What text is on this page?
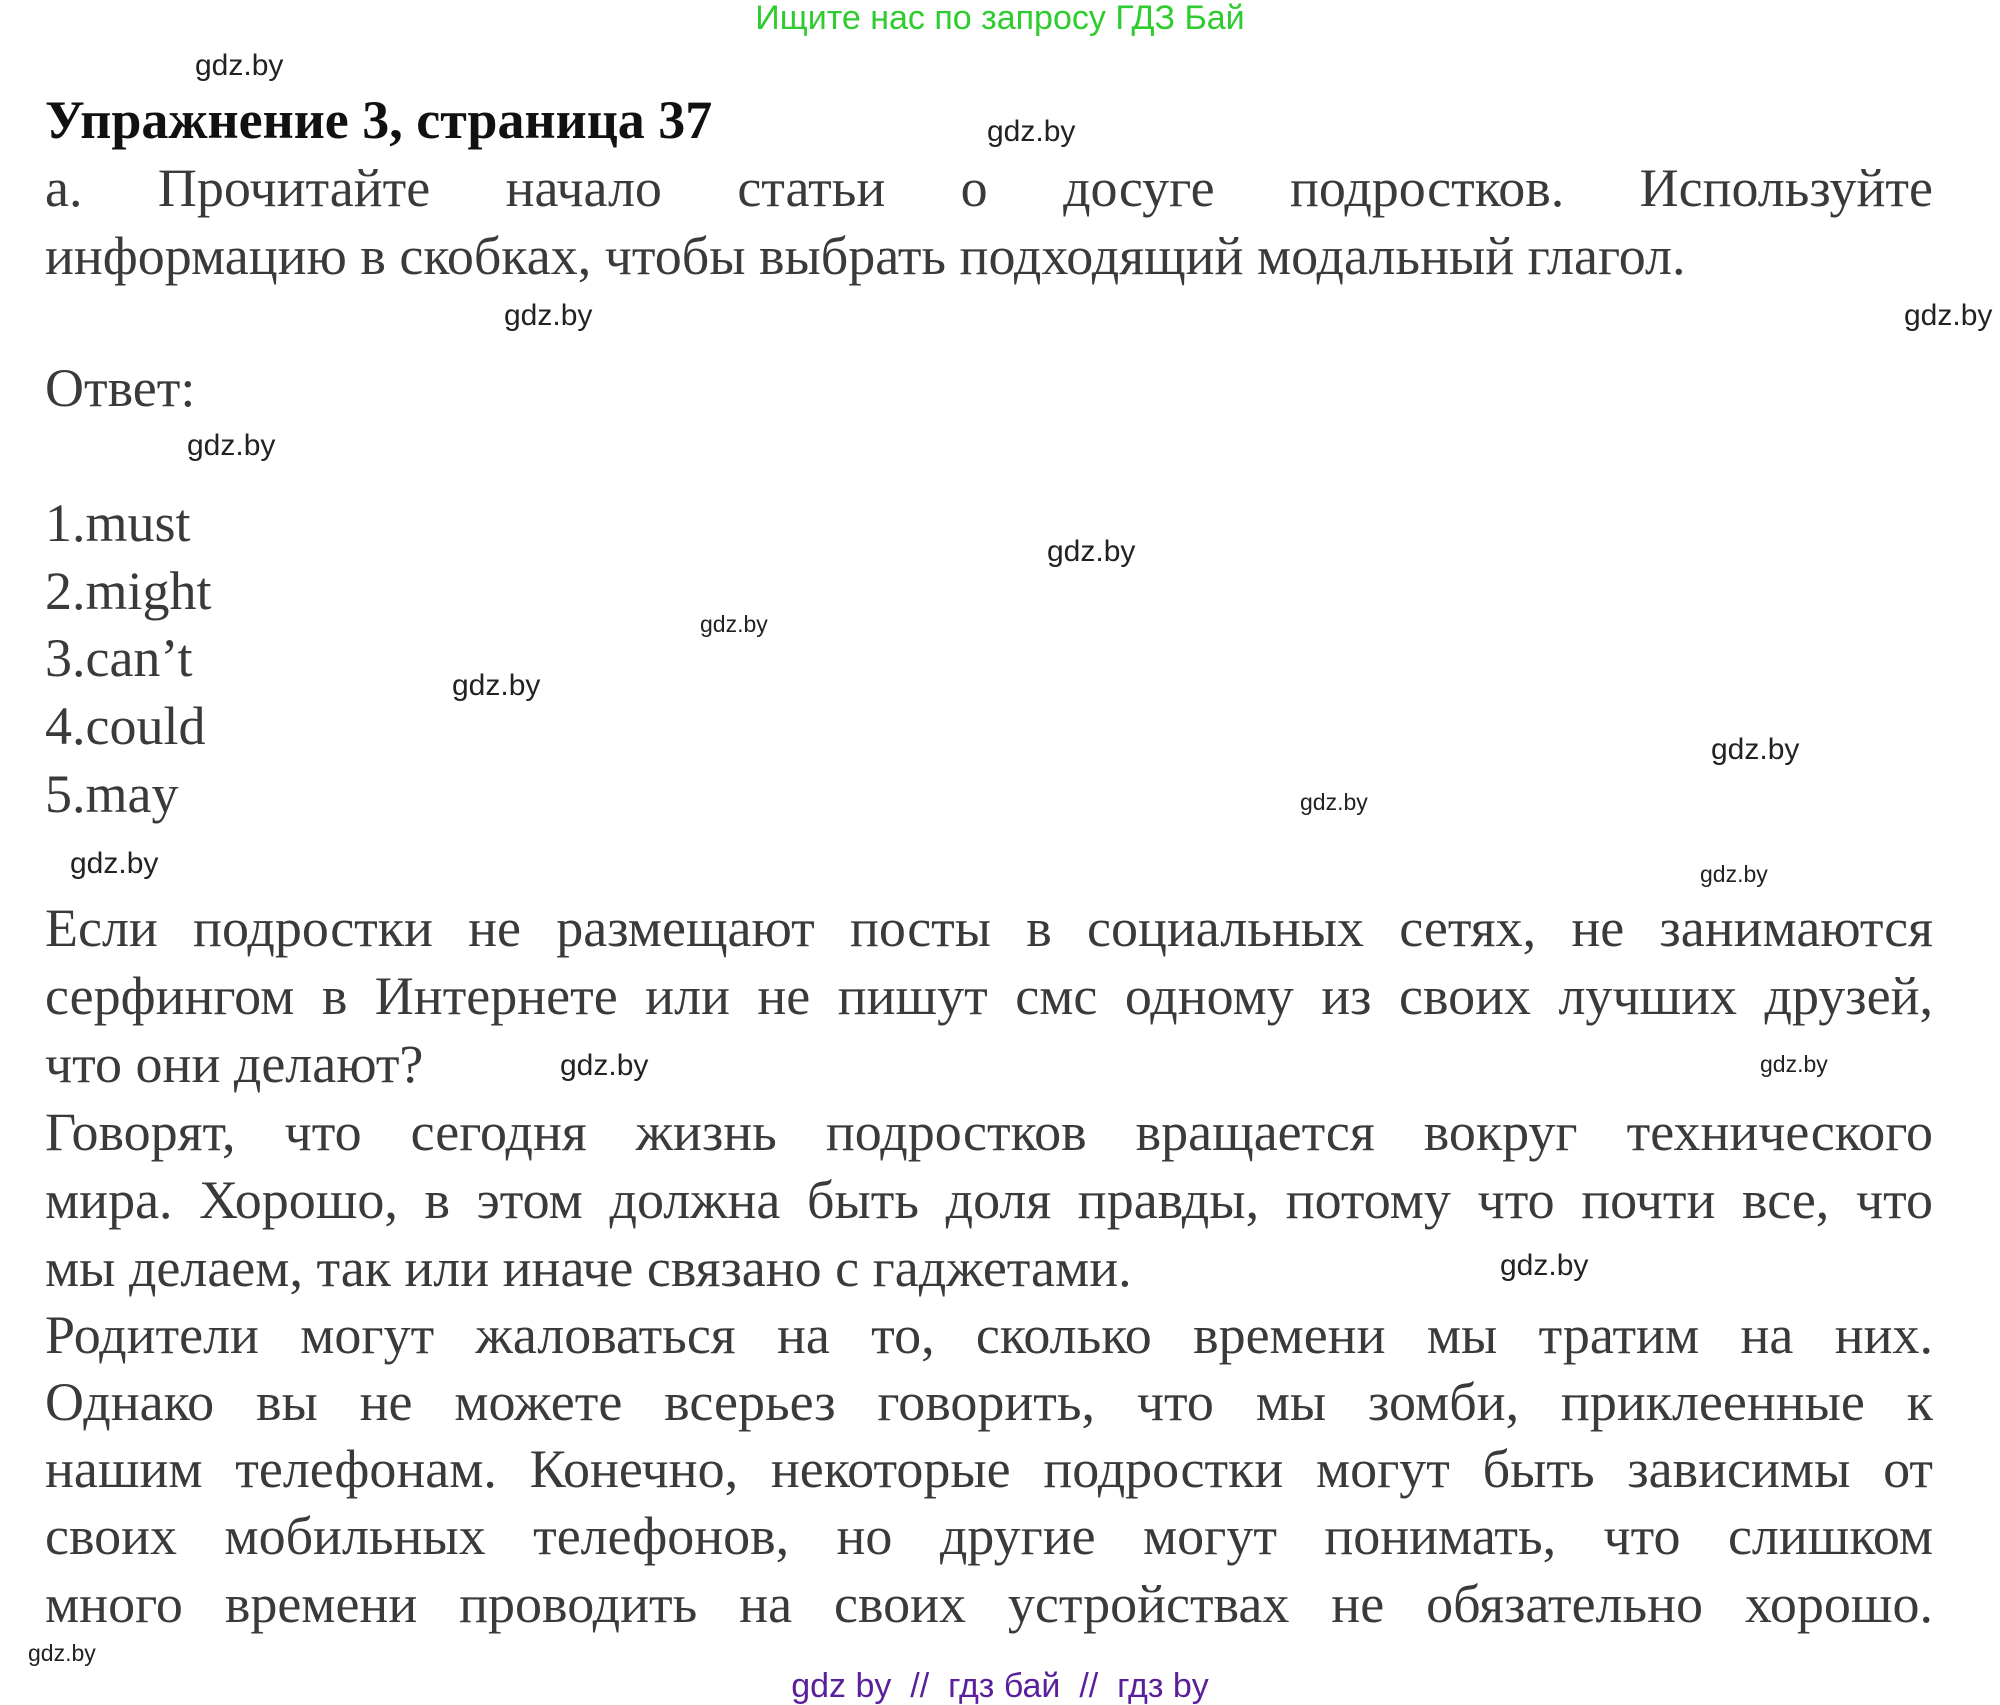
Ищите нас по запросу ГДЗ Бай
Упражнение 3, страница 37
а. Прочитайте начало статьи о досуге подростков. Используйте
информацию в скобках, чтобы выбрать подходящий модальный глагол.
Ответ:
1.must
2.might
3.can’t
4.could
5.may
Если подростки не размещают посты в социальных сетях, не занимаются
серфингом в Интернете или не пишут смс одному из своих лучших друзей,
что они делают?
Говорят, что сегодня жизнь подростков вращается вокруг технического
мира. Хорошо, в этом должна быть доля правды, потому что почти все, что
мы делаем, так или иначе связано с гаджетами.
Родители могут жаловаться на то, сколько времени мы тратим на них.
Однако вы не можете всерьез говорить, что мы зомби, приклеенные к
нашим телефонам. Конечно, некоторые подростки могут быть зависимы от
своих мобильных телефонов, но другие могут понимать, что слишком
много времени проводить на своих устройствах не обязательно хорошо.
gdz.by
gdz.by
gdz.by
gdz.by
gdz.by
gdz.by
gdz.by
gdz.by
gdz.by
gdz.by
gdz.by
gdz.by
gdz.by
gdz.by
gdz.by
gdz.by
gdz by  //  гдз бай  //  гдз by
